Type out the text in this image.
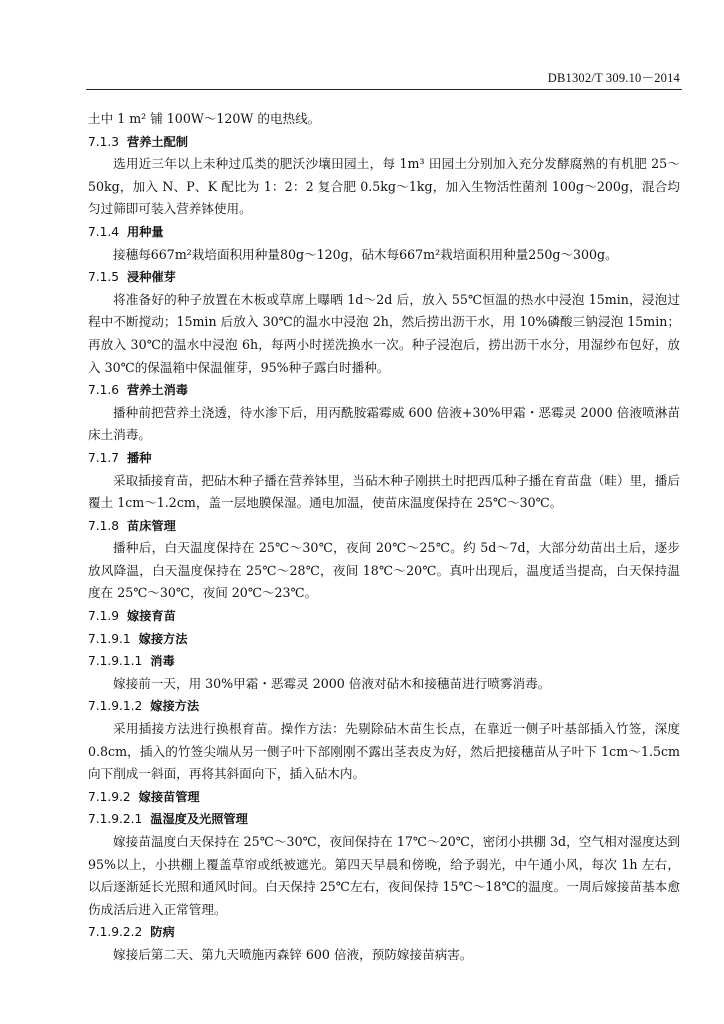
DB1302/T 309.10－2014

土中 1 m² 铺 100W～120W 的电热线。

7.1.3 营养土配制

选用近三年以上未种过瓜类的肥沃沙壤田园土，每 1m³ 田园土分别加入充分发酵腐熟的有机肥 25～50kg，加入 N、P、K 配比为 1：2：2 复合肥 0.5kg～1kg，加入生物活性菌剂 100g～200g，混合均匀过筛即可装入营养钵使用。

7.1.4 用种量

接穗每667m²栽培面积用种量80g～120g，砧木每667m²栽培面积用种量250g～300g。

7.1.5 浸种催芽

将准备好的种子放置在木板或草席上曝晒 1d～2d 后，放入 55℃恒温的热水中浸泡 15min，浸泡过程中不断搅动；15min 后放入 30℃的温水中浸泡 2h，然后捞出沥干水，用 10%磷酸三钠浸泡 15min；再放入 30℃的温水中浸泡 6h，每两小时搓洗换水一次。种子浸泡后，捞出沥干水分，用湿纱布包好，放入 30℃的保温箱中保温催芽，95%种子露白时播种。

7.1.6 营养土消毒

播种前把营养土浇透，待水渗下后，用丙酰胺霜霉威 600 倍液+30%甲霜・恶霉灵 2000 倍液喷淋苗床土消毒。

7.1.7 播种

采取插接育苗，把砧木种子播在营养钵里，当砧木种子刚拱土时把西瓜种子播在育苗盘（畦）里，播后覆土 1cm～1.2cm，盖一层地膜保湿。通电加温，使苗床温度保持在 25℃～30℃。

7.1.8 苗床管理

播种后，白天温度保持在 25℃～30℃，夜间 20℃～25℃。约 5d～7d，大部分幼苗出土后，逐步放风降温，白天温度保持在 25℃～28℃，夜间 18℃～20℃。真叶出现后，温度适当提高，白天保持温度在 25℃～30℃，夜间 20℃～23℃。

7.1.9 嫁接育苗
7.1.9.1 嫁接方法
7.1.9.1.1 消毒

嫁接前一天，用 30%甲霜・恶霉灵 2000 倍液对砧木和接穗苗进行喷雾消毒。

7.1.9.1.2 嫁接方法

采用插接方法进行换根育苗。操作方法：先剔除砧木苗生长点，在靠近一侧子叶基部插入竹签，深度 0.8cm，插入的竹签尖端从另一侧子叶下部刚刚不露出茎表皮为好，然后把接穗苗从子叶下 1cm～1.5cm 向下削成一斜面，再将其斜面向下，插入砧木内。

7.1.9.2 嫁接苗管理
7.1.9.2.1 温湿度及光照管理

嫁接苗温度白天保持在 25℃～30℃，夜间保持在 17℃～20℃，密闭小拱棚 3d，空气相对湿度达到 95%以上，小拱棚上覆盖草帘或纸被遮光。第四天早晨和傍晚，给予弱光，中午通小风，每次 1h 左右，以后逐渐延长光照和通风时间。白天保持 25℃左右，夜间保持 15℃～18℃的温度。一周后嫁接苗基本愈伤成活后进入正常管理。

7.1.9.2.2 防病

嫁接后第二天、第九天喷施丙森锌 600 倍液，预防嫁接苗病害。
